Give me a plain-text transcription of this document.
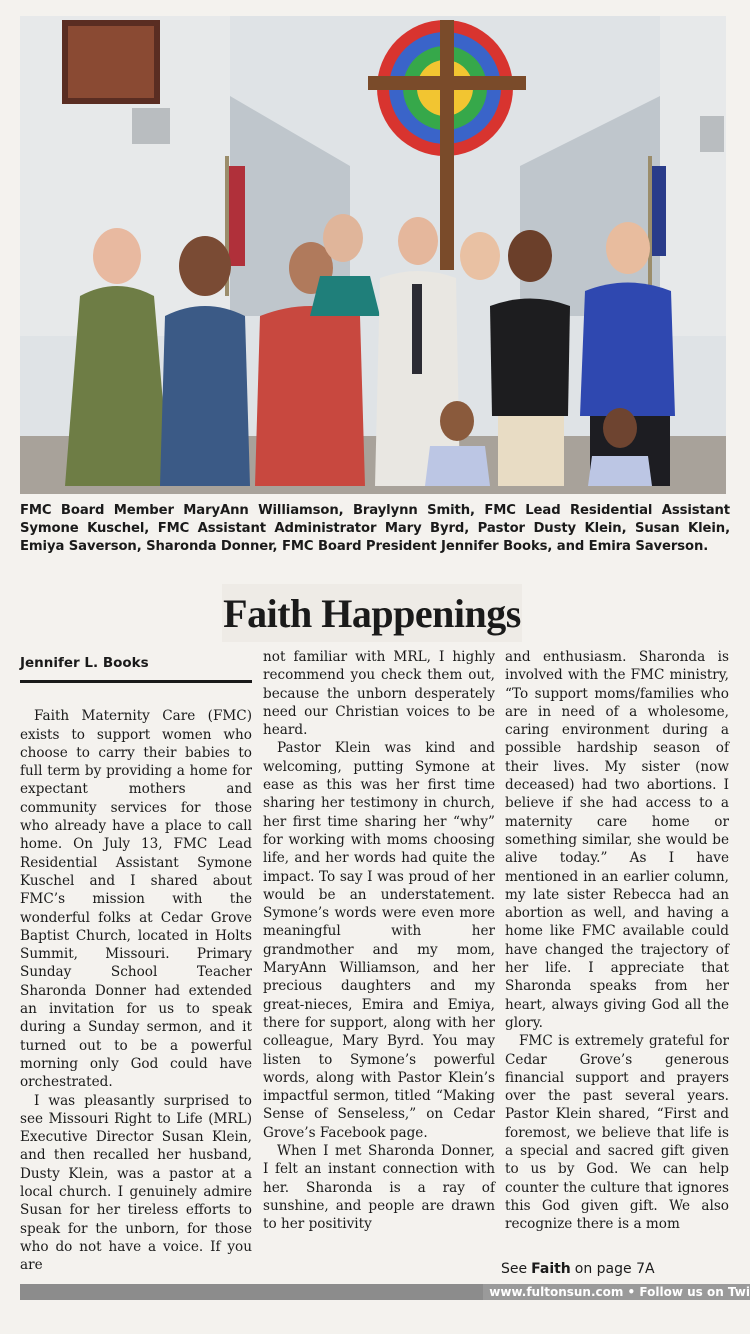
FMC Board Member MaryAnn Williamson, Braylynn Smith, FMC Lead Residential Assistant Symone Kuschel, FMC Assistant Administrator Mary Byrd, Pastor Dusty Klein, Susan Klein, Emiya Saverson, Sharonda Donner, FMC Board President Jennifer Books, and Emira Saverson.
Faith Happenings
Jennifer L. Books

Faith Maternity Care (FMC) exists to support women who choose to carry their babies to full term by providing a home for expectant mothers and community services for those who already have a place to call home. On July 13, FMC Lead Residential Assistant Symone Kuschel and I shared about FMC’s mission with the wonderful folks at Cedar Grove Baptist Church, located in Holts Summit, Missouri. Primary Sunday School Teacher Sharonda Donner had extended an invitation for us to speak during a Sunday sermon, and it turned out to be a powerful morning only God could have orchestrated.

I was pleasantly surprised to see Missouri Right to Life (MRL) Executive Director Susan Klein, and then recalled her husband, Dusty Klein, was a pastor at a local church. I genuinely admire Susan for her tireless efforts to speak for the unborn, for those who do not have a voice. If you are

not familiar with MRL, I highly recommend you check them out, because the unborn desperately need our Christian voices to be heard.

Pastor Klein was kind and welcoming, putting Symone at ease as this was her first time sharing her testimony in church, her first time sharing her “why” for working with moms choosing life, and her words had quite the impact. To say I was proud of her would be an understatement. Symone’s words were even more meaningful with her grandmother and my mom, MaryAnn Williamson, and her precious daughters and my great-nieces, Emira and Emiya, there for support, along with her colleague, Mary Byrd. You may listen to Symone’s powerful words, along with Pastor Klein’s impactful sermon, titled “Making Sense of Senseless,” on Cedar Grove’s Facebook page.

When I met Sharonda Donner, I felt an instant connection with her. Sharonda is a ray of sunshine, and people are drawn to her positivity

and enthusiasm. Sharonda is involved with the FMC ministry, “To support moms/families who are in need of a wholesome, caring environment during a possible hardship season of their lives. My sister (now deceased) had two abortions. I believe if she had access to a maternity care home or something similar, she would be alive today.” As I have mentioned in an earlier column, my late sister Rebecca had an abortion as well, and having a home like FMC available could have changed the trajectory of her life. I appreciate that Sharonda speaks from her heart, always giving God all the glory.

FMC is extremely grateful for Cedar Grove’s generous financial support and prayers over the past several years. Pastor Klein shared, “First and foremost, we believe that life is a special and sacred gift given to us by God. We can help counter the culture that ignores this God given gift. We also recognize there is a mom

See Faith on page 7A
www.fultonsun.com • Follow us on Twi
